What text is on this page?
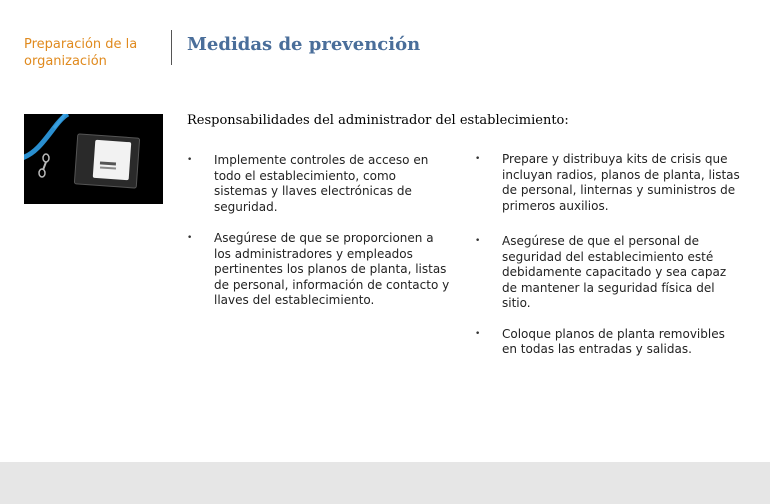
Preparación de la organización
Medidas de prevención
Responsabilidades del administrador del establecimiento:
• Implemente controles de acceso en todo el establecimiento, como sistemas y llaves electrónicas de seguridad.
• Asegúrese de que se proporcionen a los administradores y empleados pertinentes los planos de planta, listas de personal, información de contacto y llaves del establecimiento.
• Prepare y distribuya kits de crisis que incluyan radios, planos de planta, listas de personal, linternas y suministros de primeros auxilios.
• Asegúrese de que el personal de seguridad del establecimiento esté debidamente capacitado y sea capaz de mantener la seguridad física del sitio.
• Coloque planos de planta removibles en todas las entradas y salidas.
